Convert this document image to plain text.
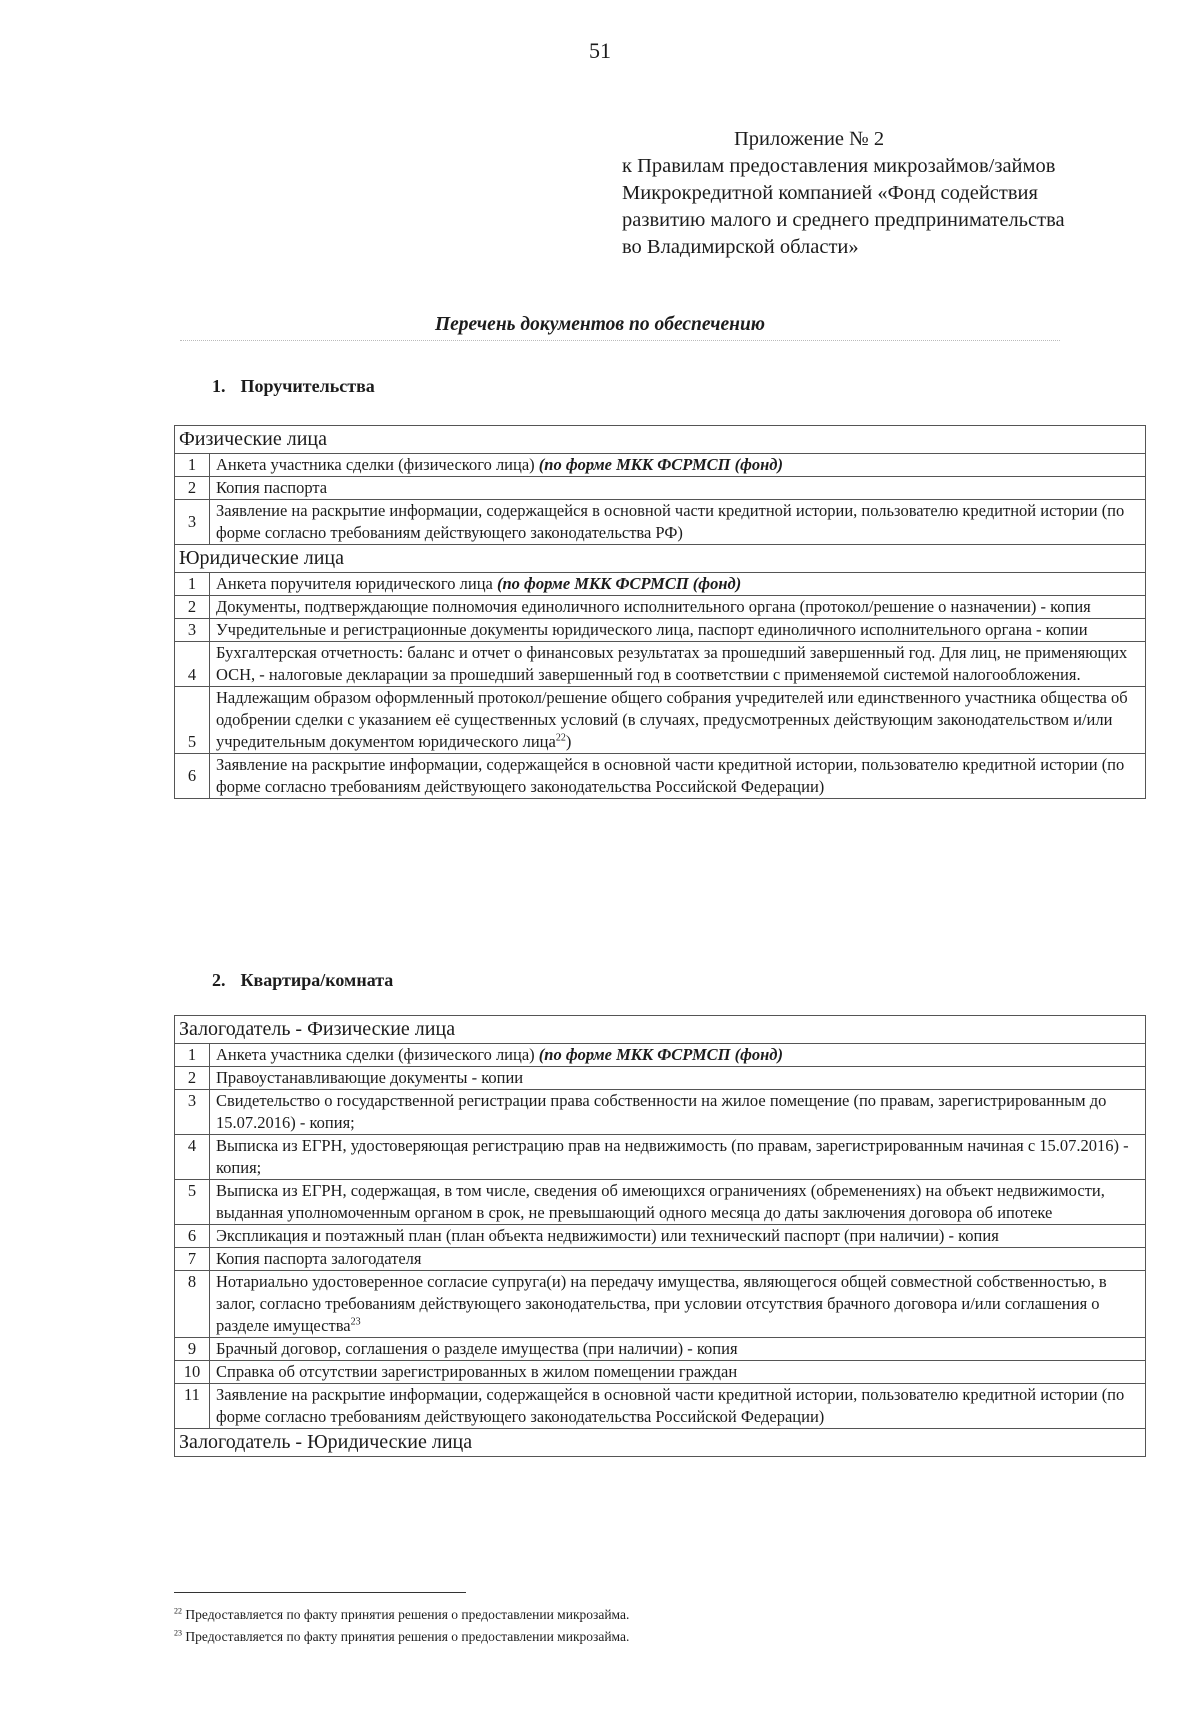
51
Приложение № 2
к Правилам предоставления микрозаймов/займов
Микрокредитной компанией «Фонд содействия
развитию малого и среднего предпринимательства
во Владимирской области»
Перечень документов по обеспечению
1. Поручительства
Физические лица	
1	Анкета участника сделки (физического лица) (по форме МКК ФСРМСП (фонд)
2	Копия паспорта
3	Заявление на раскрытие информации, содержащейся в основной части кредитной истории, пользователю кредитной истории (по форме согласно требованиям действующего законодательства РФ)
Юридические лица	
1	Анкета поручителя юридического лица (по форме МКК ФСРМСП (фонд)
2	Документы, подтверждающие полномочия единоличного исполнительного органа (протокол/решение о назначении) - копия
3	Учредительные и регистрационные документы юридического лица, паспорт единоличного исполнительного органа - копии
4	Бухгалтерская отчетность: баланс и отчет о финансовых результатах за прошедший завершенный год. Для лиц, не применяющих ОСН, - налоговые декларации за прошедший завершенный год в соответствии с применяемой системой налогообложения.
5	Надлежащим образом оформленный протокол/решение общего собрания учредителей или единственного участника общества об одобрении сделки с указанием её существенных условий (в случаях, предусмотренных действующим законодательством и/или учредительным документом юридического лица$^{22}$)
6	Заявление на раскрытие информации, содержащейся в основной части кредитной истории, пользователю кредитной истории (по форме согласно требованиям действующего законодательства Российской Федерации)
2. Квартира/комната
Залогодатель - Физические лица	
1	Анкета участника сделки (физического лица) (по форме МКК ФСРМСП (фонд)
2	Правоустанавливающие документы - копии
3	Свидетельство о государственной регистрации права собственности на жилое помещение (по правам, зарегистрированным до 15.07.2016) - копия;
4	Выписка из ЕГРН, удостоверяющая регистрацию прав на недвижимость (по правам, зарегистрированным начиная с 15.07.2016) - копия;
5	Выписка из ЕГРН, содержащая, в том числе, сведения об имеющихся ограничениях (обременениях) на объект недвижимости, выданная уполномоченным органом в срок, не превышающий одного месяца до даты заключения договора об ипотеке
6	Экспликация и поэтажный план (план объекта недвижимости) или технический паспорт (при наличии) - копия
7	Копия паспорта залогодателя
8	Нотариально удостоверенное согласие супруга(и) на передачу имущества, являющегося общей совместной собственностью, в залог, согласно требованиям действующего законодательства, при условии отсутствия брачного договора и/или соглашения о разделе имущества$^{23}$
9	Брачный договор, соглашения о разделе имущества (при наличии) - копия
10	Справка об отсутствии зарегистрированных в жилом помещении граждан
11	Заявление на раскрытие информации, содержащейся в основной части кредитной истории, пользователю кредитной истории (по форме согласно требованиям действующего законодательства Российской Федерации)
Залогодатель - Юридические лица	
$^{22}$ Предоставляется по факту принятия решения о предоставлении микрозайма.
$^{23}$ Предоставляется по факту принятия решения о предоставлении микрозайма.
